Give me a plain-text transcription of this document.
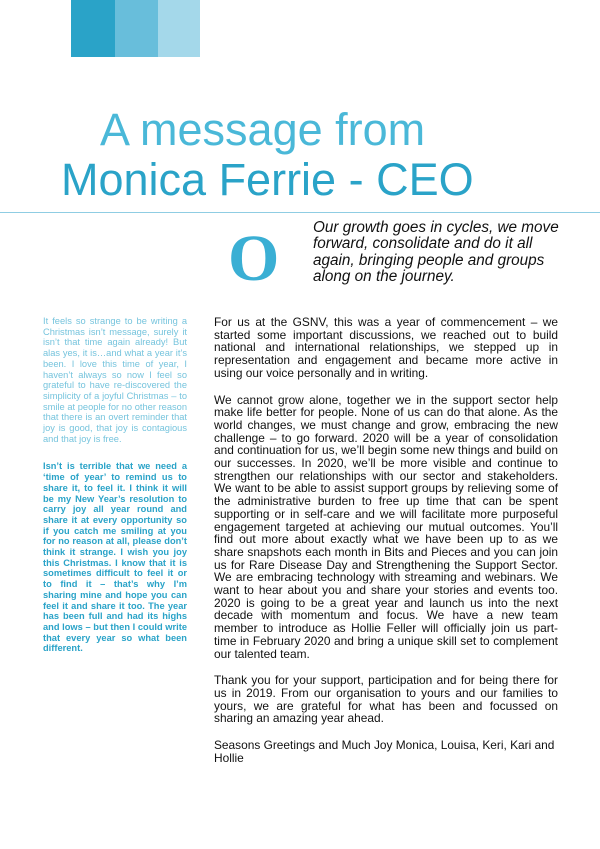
A message from
Monica Ferrie - CEO
O Our growth goes in cycles, we move forward, consolidate and do it all again, bringing people and groups along on the journey.

It feels so strange to be writing a Christmas isn’t message, surely it isn’t that time again already! But alas yes, it is…and what a year it’s been. I love this time of year, I haven’t always so now I feel so grateful to have re-discovered the simplicity of a joyful Christmas – to smile at people for no other reason that there is an overt reminder that joy is good, that joy is contagious and that joy is free.

Isn’t is terrible that we need a ‘time of year’ to remind us to share it, to feel it. I think it will be my New Year’s resolution to carry joy all year round and share it at every opportunity so if you catch me smiling at you for no reason at all, please don’t think it strange. I wish you joy this Christmas. I know that it is sometimes difficult to feel it or to find it – that’s why I’m sharing mine and hope you can feel it and share it too. The year has been full and had its highs and lows – but then I could write that every year so what been different.

For us at the GSNV, this was a year of commencement – we started some important discussions, we reached out to build national and international relationships, we stepped up in representation and engagement and became more active in using our voice personally and in writing.

We cannot grow alone, together we in the support sector help make life better for people. None of us can do that alone. As the world changes, we must change and grow, embracing the new challenge – to go forward. 2020 will be a year of consolidation and continuation for us, we’ll begin some new things and build on our successes. In 2020, we’ll be more visible and continue to strengthen our relationships with our sector and stakeholders. We want to be able to assist support groups by relieving some of the administrative burden to free up time that can be spent supporting or in self-care and we will facilitate more purposeful engagement targeted at achieving our mutual outcomes. You’ll find out more about exactly what we have been up to as we share snapshots each month in Bits and Pieces and you can join us for Rare Disease Day and Strengthening the Support Sector. We are embracing technology with streaming and webinars. We want to hear about you and share your stories and events too. 2020 is going to be a great year and launch us into the next decade with momentum and focus. We have a new team member to introduce as Hollie Feller will officially join us part-time in February 2020 and bring a unique skill set to complement our talented team.

Thank you for your support, participation and for being there for us in 2019. From our organisation to yours and our families to yours, we are grateful for what has been and focussed on sharing an amazing year ahead.

Seasons Greetings and Much Joy Monica, Louisa, Keri, Kari and Hollie
